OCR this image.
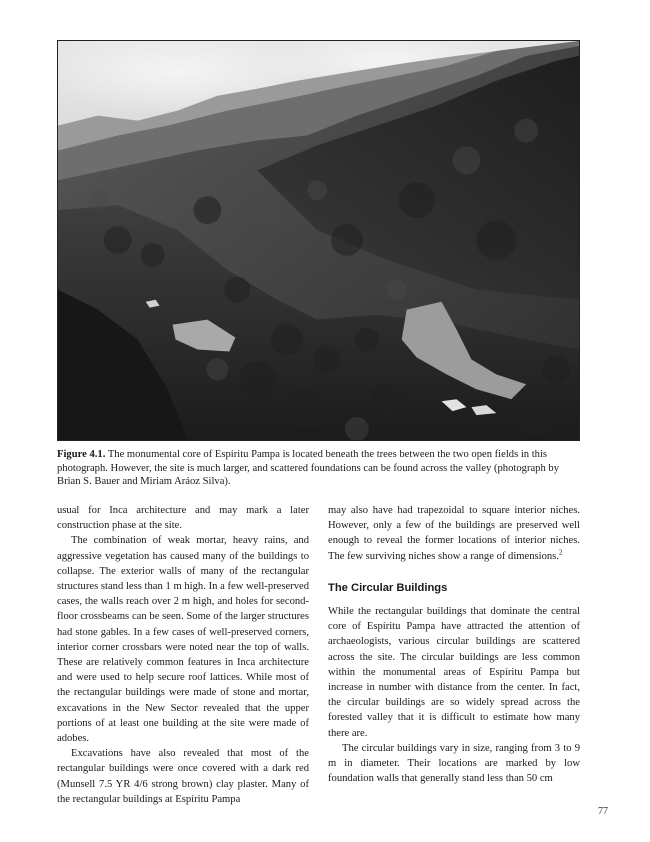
Figure 4.1. The monumental core of Espíritu Pampa is located beneath the trees between the two open fields in this photograph. However, the site is much larger, and scattered foundations can be found across the valley (photograph by Brian S. Bauer and Miriam Aráoz Silva).

usual for Inca architecture and may mark a later construction phase at the site.

The combination of weak mortar, heavy rains, and aggressive vegetation has caused many of the buildings to collapse. The exterior walls of many of the rectangular structures stand less than 1 m high. In a few well-preserved cases, the walls reach over 2 m high, and holes for second-floor crossbeams can be seen. Some of the larger structures had stone gables. In a few cases of well-preserved corners, interior corner crossbars were noted near the top of walls. These are relatively common features in Inca architecture and were used to help secure roof lattices. While most of the rectangular buildings were made of stone and mortar, excavations in the New Sector revealed that the upper portions of at least one building at the site were made of adobes.

Excavations have also revealed that most of the rectangular buildings were once covered with a dark red (Munsell 7.5 YR 4/6 strong brown) clay plaster. Many of the rectangular buildings at Espíritu Pampa

may also have had trapezoidal to square interior niches. However, only a few of the buildings are preserved well enough to reveal the former locations of interior niches. The few surviving niches show a range of dimensions.$^2$

The Circular Buildings

While the rectangular buildings that dominate the central core of Espíritu Pampa have attracted the attention of archaeologists, various circular buildings are scattered across the site. The circular buildings are less common within the monumental areas of Espíritu Pampa but increase in number with distance from the center. In fact, the circular buildings are so widely spread across the forested valley that it is difficult to estimate how many there are.

The circular buildings vary in size, ranging from 3 to 9 m in diameter. Their locations are marked by low foundation walls that generally stand less than 50 cm

77
